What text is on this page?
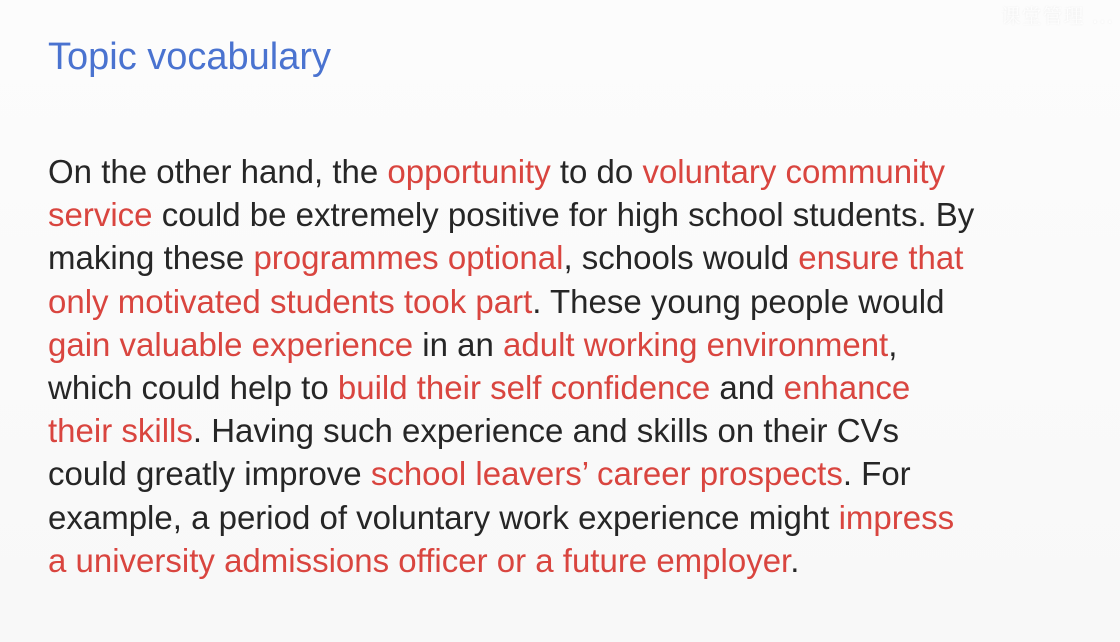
课堂管理 ...
Topic vocabulary
On the other hand, the opportunity to do voluntary community
service could be extremely positive for high school students. By
making these programmes optional, schools would ensure that
only motivated students took part. These young people would
gain valuable experience in an adult working environment,
which could help to build their self confidence and enhance
their skills. Having such experience and skills on their CVs
could greatly improve school leavers’ career prospects. For
example, a period of voluntary work experience might impress
a university admissions officer or a future employer.
